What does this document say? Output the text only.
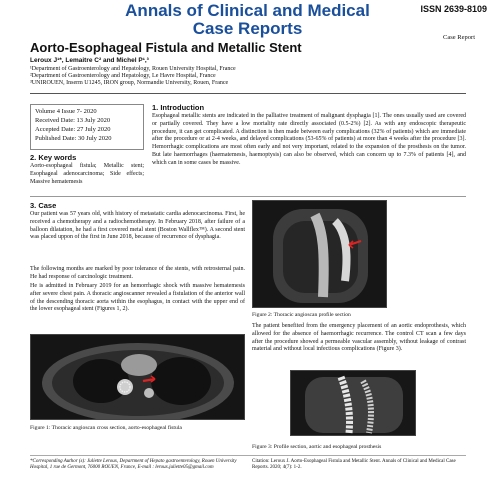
Annals of Clinical and Medical
Case Reports
ISSN 2639-8109
Case Report
Aorto-Esophageal Fistula and Metallic Stent
Leroux J¹*, Lemaitre C² and Michel P¹,³
¹Department of Gastroenterology and Hepatology, Rouen University Hospital, France
²Department of Gastroenterology and Hepatology, Le Havre Hospital, France
³UNIROUEN, Inserm U1245, IRON group, Normandie University, Rouen, France
Volume 4 Issue 7- 2020
Received Date: 13 July 2020
Accepted Date: 27 July 2020
Published Date: 30 July 2020
2. Key words
Aorto-esophageal fistula; Metallic stent; Esophageal adenocarcinoma; Side effects; Massive hematemesis
1. Introduction
Esophageal metallic stents are indicated in the palliative treatment of malignant dysphagia [1]. The ones usually used are covered or partially covered. They have a low mortality rate directly associated (0.5-2%) [2]. As with any endoscopic therapeutic procedure, it can get complicated. A distinction is then made between early complications (32% of patients) which are immediate after the procedure or at 2-4 weeks, and delayed complications (53-65% of patients) at more than 4 weeks after the procedure [3]. Hemorrhagic complications are most often early and not very important, related to the expansion of the prosthesis on the tumor. But late haemorrhages (haematemesis, haemoptysis) can also be observed, which can concern up to 7.3% of patients [4], and which can in some cases be massive.
3. Case
Our patient was 57 years old, with history of metastatic cardia adenocarcinoma. First, he received a chemotherapy and a radiochemotherapy. In February 2018, after failure of a balloon dilatation, he had a first covered metal stent (Boston Wallflex™). A second stent was placed uppon of the first in June 2018, because of recurrence of dysphagia.
The following months are marked by poor tolerance of the stents, with retrosternal pain. He had response of carcinologic treatment.
He is admitted in February 2019 for an hemorrhagic shock with massive hematemesis after severe chest pain. A thoracic angioscanner revealed a fistulation of the anterior wall of the descending thoracic aorta within the esophagus, in contact with the upper end of the lower esophageal stent (Figures 1, 2).
Figure 1: Thoracic angioscan cross section, aorto-esophageal fistula
Figure 2: Thoracic angioscan profile section
The patient benefited from the emergency placement of an aortic endoprothesis, which allowed for the absence of haemorrhagic recurrence. The control CT scan a few days after the procedure showed a permeable vascular assembly, without leakage of contrast material and without local infectious complications (Figure 3).
Figure 3: Profile section, aortic and esophageal prosthesis
*Corresponding Author (s): Juliette Leroux, Department of Hepato gastroenterology, Rouen University Hospital, 1 rue de Germont, 76000 ROUEN, France, E-mail : leroux.juliette05@gmail.com
Citation: Leroux J. Aorto-Esophageal Fistula and Metallic Stent. Annals of Clinical and Medical Case Reports. 2020; 4(7): 1-2.
